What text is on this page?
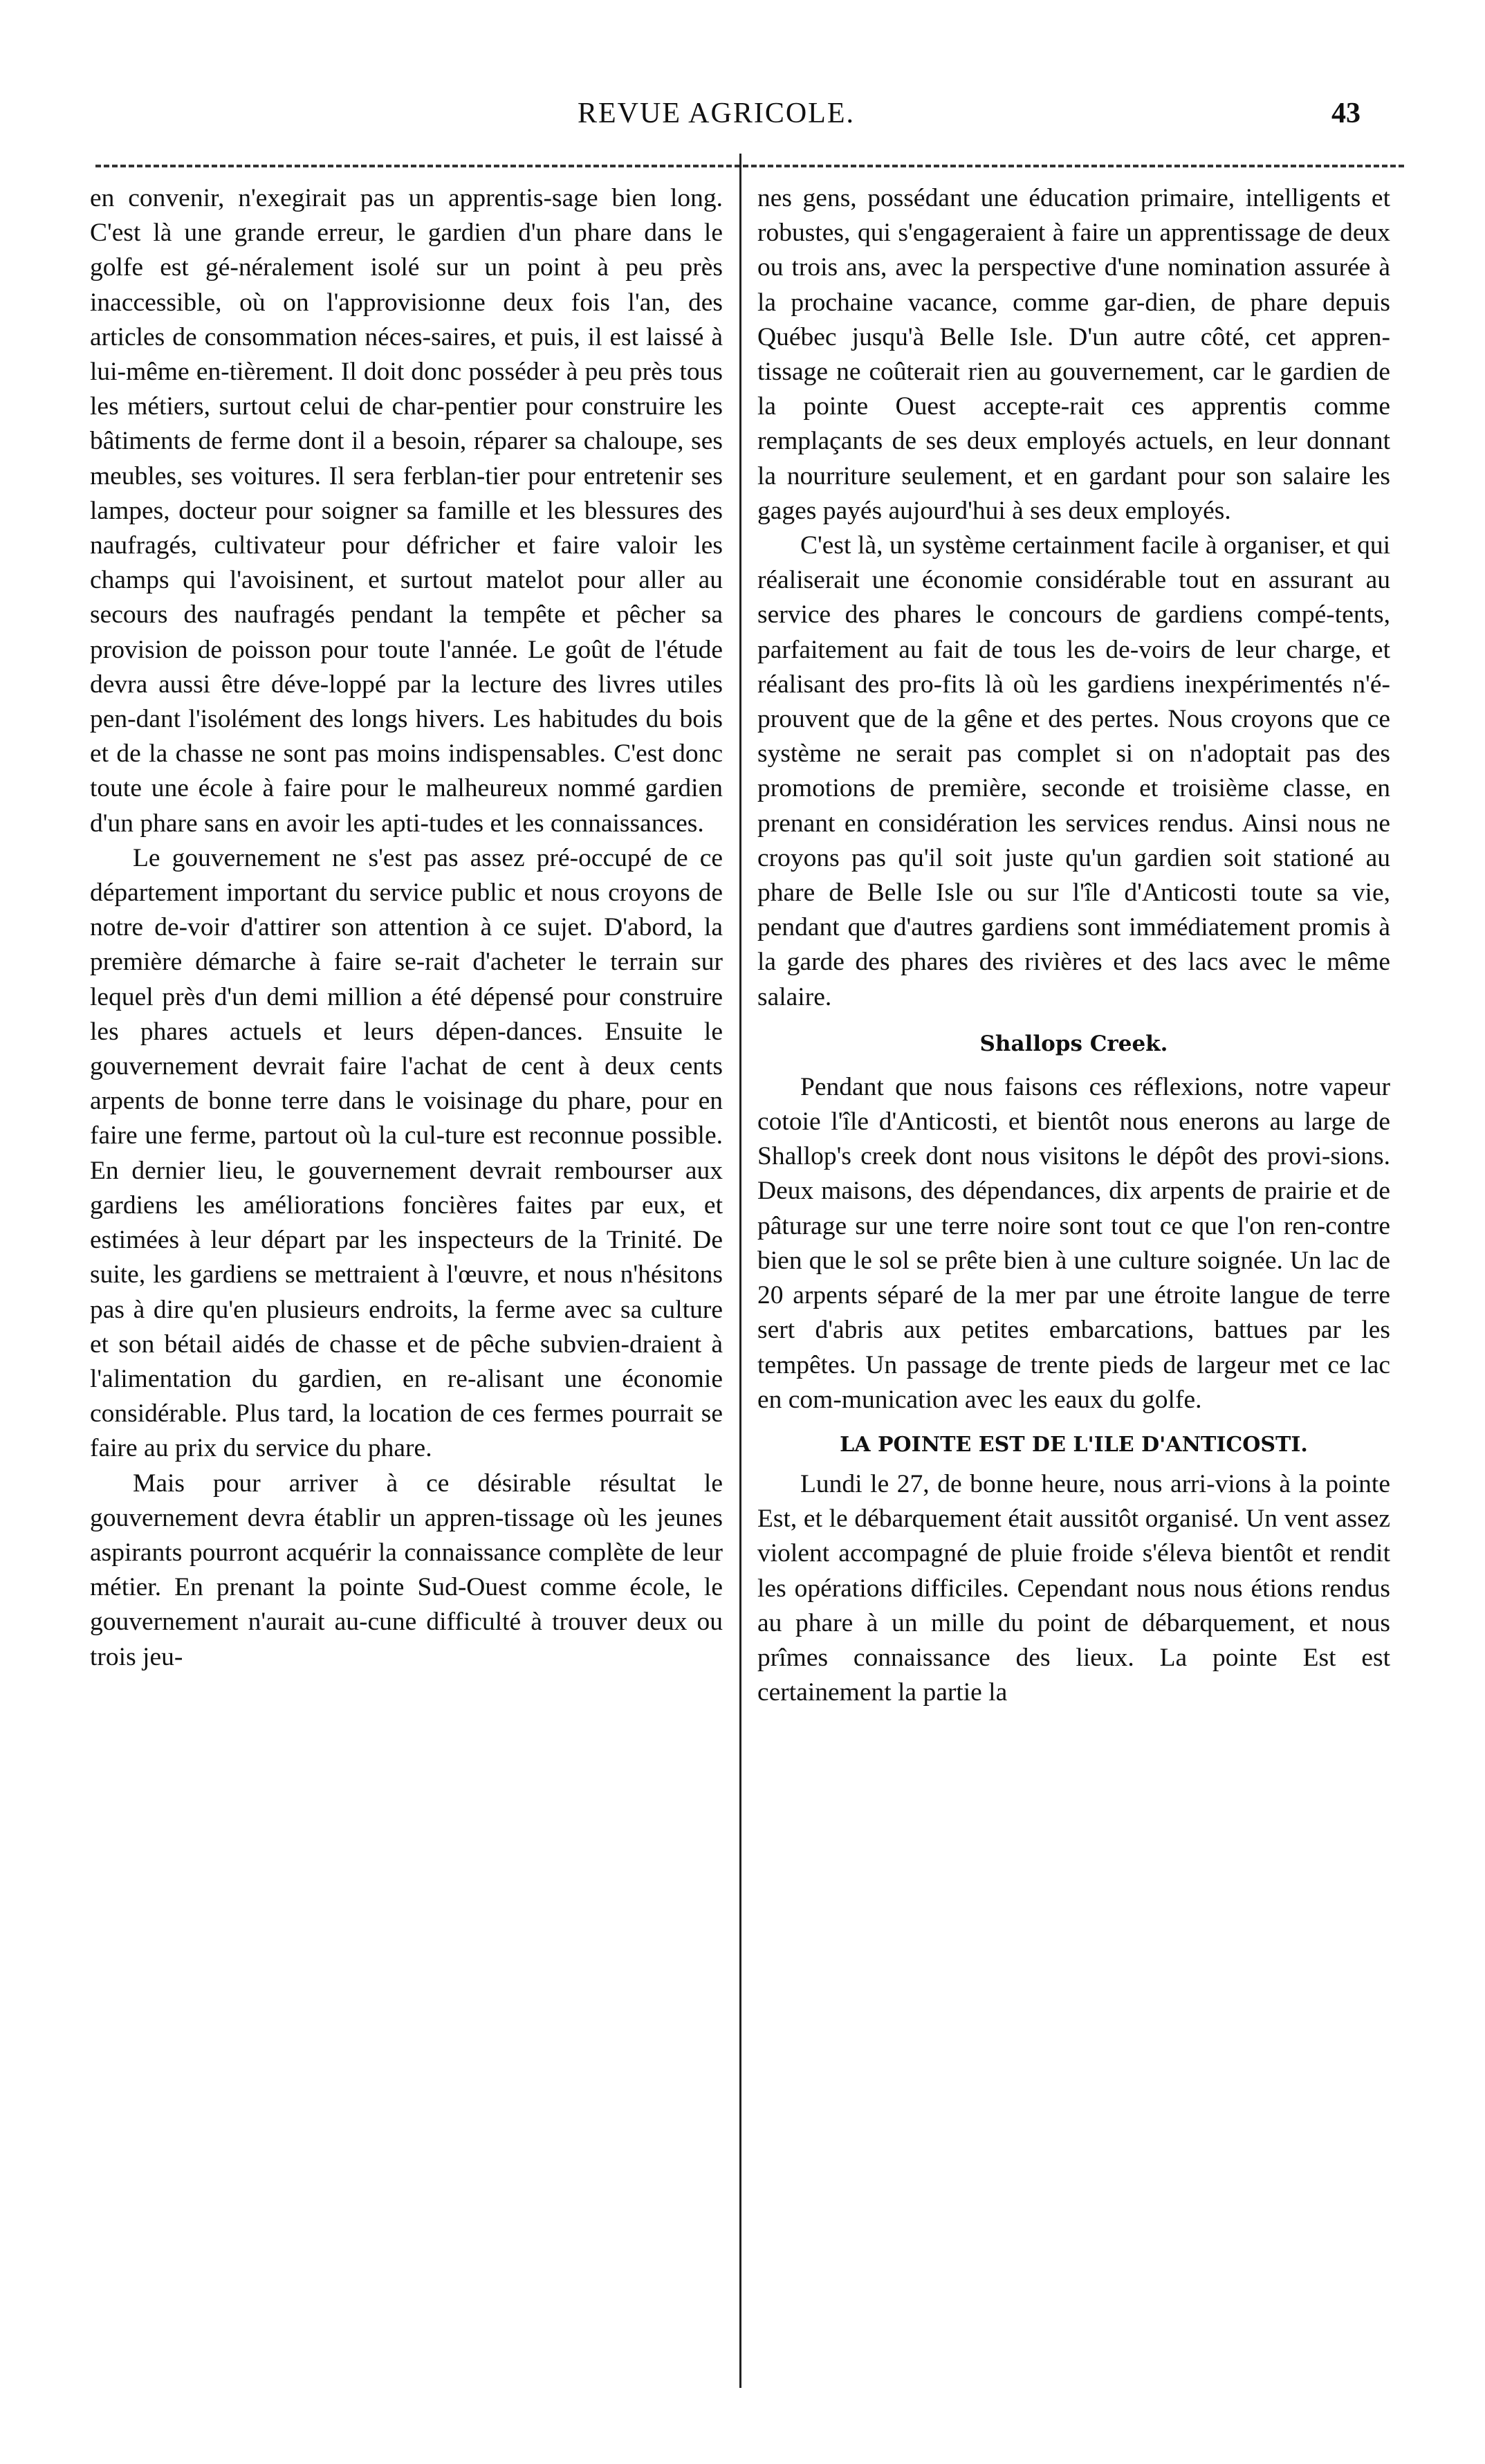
REVUE AGRICOLE.	43

en convenir, n'exegirait pas un apprentis-sage bien long. C'est là une grande erreur, le gardien d'un phare dans le golfe est gé-néralement isolé sur un point à peu près inaccessible, où on l'approvisionne deux fois l'an, des articles de consommation néces-saires, et puis, il est laissé à lui-même en-tièrement. Il doit donc posséder à peu près tous les métiers, surtout celui de char-pentier pour construire les bâtiments de ferme dont il a besoin, réparer sa chaloupe, ses meubles, ses voitures. Il sera ferblan-tier pour entretenir ses lampes, docteur pour soigner sa famille et les blessures des naufragés, cultivateur pour défricher et faire valoir les champs qui l'avoisinent, et surtout matelot pour aller au secours des naufragés pendant la tempête et pêcher sa provision de poisson pour toute l'année. Le goût de l'étude devra aussi être déve-loppé par la lecture des livres utiles pen-dant l'isolément des longs hivers. Les habitudes du bois et de la chasse ne sont pas moins indispensables. C'est donc toute une école à faire pour le malheureux nommé gardien d'un phare sans en avoir les apti-tudes et les connaissances.

Le gouvernement ne s'est pas assez pré-occupé de ce département important du service public et nous croyons de notre de-voir d'attirer son attention à ce sujet. D'abord, la première démarche à faire se-rait d'acheter le terrain sur lequel près d'un demi million a été dépensé pour construire les phares actuels et leurs dépen-dances. Ensuite le gouvernement devrait faire l'achat de cent à deux cents arpents de bonne terre dans le voisinage du phare, pour en faire une ferme, partout où la cul-ture est reconnue possible. En dernier lieu, le gouvernement devrait rembourser aux gardiens les améliorations foncières faites par eux, et estimées à leur départ par les inspecteurs de la Trinité. De suite, les gardiens se mettraient à l'œuvre, et nous n'hésitons pas à dire qu'en plusieurs endroits, la ferme avec sa culture et son bétail aidés de chasse et de pêche subvien-draient à l'alimentation du gardien, en re-alisant une économie considérable. Plus tard, la location de ces fermes pourrait se faire au prix du service du phare.

Mais pour arriver à ce désirable résultat le gouvernement devra établir un appren-tissage où les jeunes aspirants pourront acquérir la connaissance complète de leur métier. En prenant la pointe Sud-Ouest comme école, le gouvernement n'aurait au-cune difficulté à trouver deux ou trois jeu-

nes gens, possédant une éducation primaire, intelligents et robustes, qui s'engageraient à faire un apprentissage de deux ou trois ans, avec la perspective d'une nomination assurée à la prochaine vacance, comme gar-dien, de phare depuis Québec jusqu'à Belle Isle. D'un autre côté, cet appren-tissage ne coûterait rien au gouvernement, car le gardien de la pointe Ouest accepte-rait ces apprentis comme remplaçants de ses deux employés actuels, en leur donnant la nourriture seulement, et en gardant pour son salaire les gages payés aujourd'hui à ses deux employés.

C'est là, un système certainment facile à organiser, et qui réaliserait une économie considérable tout en assurant au service des phares le concours de gardiens compé-tents, parfaitement au fait de tous les de-voirs de leur charge, et réalisant des pro-fits là où les gardiens inexpérimentés n'é-prouvent que de la gêne et des pertes. Nous croyons que ce système ne serait pas complet si on n'adoptait pas des promotions de première, seconde et troisième classe, en prenant en considération les services rendus. Ainsi nous ne croyons pas qu'il soit juste qu'un gardien soit stationé au phare de Belle Isle ou sur l'île d'Anticosti toute sa vie, pendant que d'autres gardiens sont immédiatement promis à la garde des phares des rivières et des lacs avec le même salaire.

Shallops Creek.

Pendant que nous faisons ces réflexions, notre vapeur cotoie l'île d'Anticosti, et bientôt nous enerons au large de Shallop's creek dont nous visitons le dépôt des provi-sions. Deux maisons, des dépendances, dix arpents de prairie et de pâturage sur une terre noire sont tout ce que l'on ren-contre bien que le sol se prête bien à une culture soignée. Un lac de 20 arpents séparé de la mer par une étroite langue de terre sert d'abris aux petites embarcations, battues par les tempêtes. Un passage de trente pieds de largeur met ce lac en com-munication avec les eaux du golfe.

LA POINTE EST DE L'ILE D'ANTICOSTI.

Lundi le 27, de bonne heure, nous arri-vions à la pointe Est, et le débarquement était aussitôt organisé. Un vent assez violent accompagné de pluie froide s'éleva bientôt et rendit les opérations difficiles. Cependant nous nous étions rendus au phare à un mille du point de débarquement, et nous prîmes connaissance des lieux. La pointe Est est certainement la partie la
